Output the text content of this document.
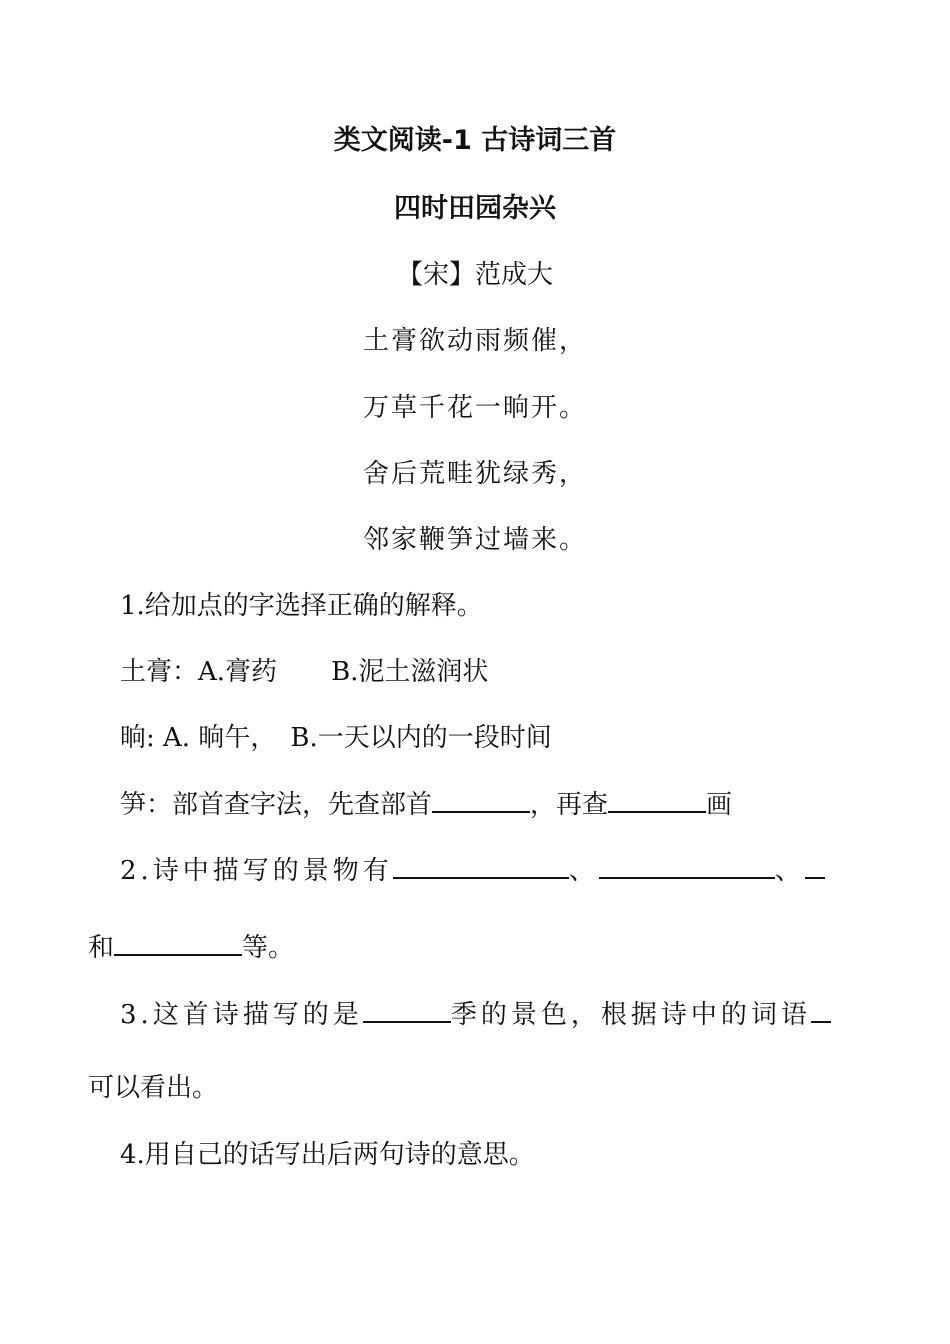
类文阅读-1 古诗词三首
四时田园杂兴
【宋】范成大
土膏欲动雨频催，
万草千花一晌开。
舍后荒畦犹绿秀，
邻家鞭笋过墙来。
1.给加点的字选择正确的解释。
土膏：A.膏药 B.泥土滋润状
晌: A. 晌午， B.一天以内的一段时间
笋：部首查字法，先查部首	，再查	画
2.诗中描写的景物有	、	、
和	等。
3.这首诗描写的是	季的景色，根据诗中的词语
可以看出。
4.用自己的话写出后两句诗的意思。
